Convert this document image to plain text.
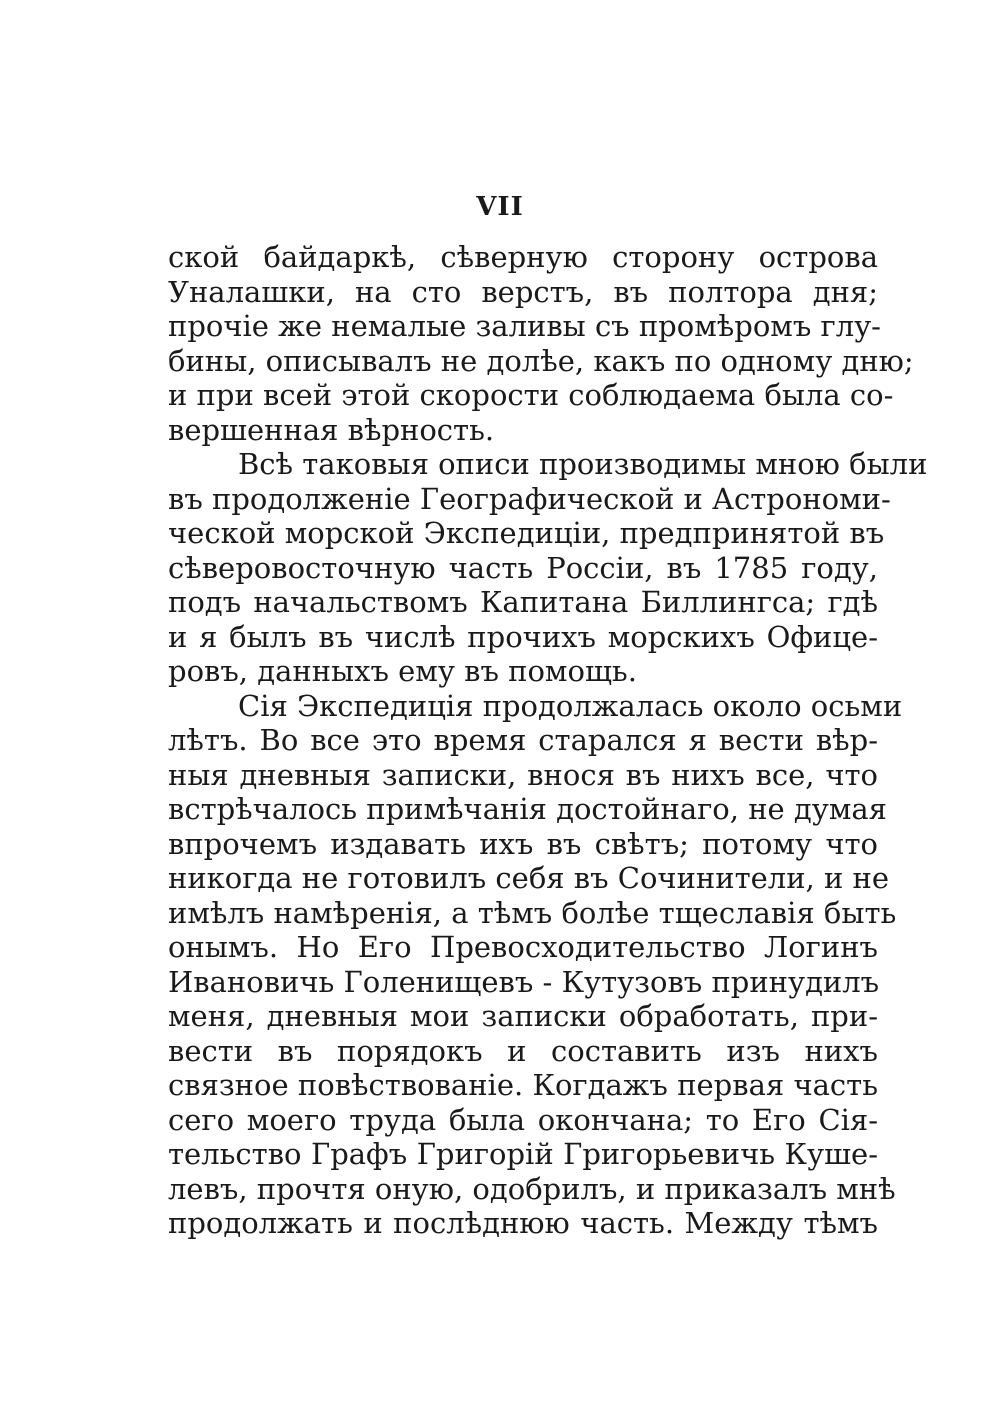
VII
ской байдаркѣ, сѣверную сторону острова
Уналашки, на сто верстъ, въ полтора дня;
прочіе же немалые заливы съ промѣромъ глу-
бины, описывалъ не долѣе, какъ по одному дню;
и при всей этой скорости соблюдаема была со-
вершенная вѣрность.
Всѣ таковыя описи производимы мною были
въ продолженіе Географической и Астрономи-
ческой морской Экспедиціи, предпринятой въ
сѣверовосточную часть Россіи, въ 1785 году,
подъ начальствомъ Капитана Биллингса; гдѣ
и я былъ въ числѣ прочихъ морскихъ Офице-
ровъ, данныхъ ему въ помощь.
Сія Экспедиція продолжалась около осьми
лѣтъ. Во все это время старался я вести вѣр-
ныя дневныя записки, внося въ нихъ все, что
встрѣчалось примѣчанія достойнаго, не думая
впрочемъ издавать ихъ въ свѣтъ; потому что
никогда не готовилъ себя въ Сочинители, и не
имѣлъ намѣренія, а тѣмъ болѣе тщеславія быть
онымъ. Но Его Превосходительство Логинъ
Ивановичь Голенищевъ - Кутузовъ принудилъ
меня, дневныя мои записки обработать, при-
вести въ порядокъ и составить изъ нихъ
связное повѣствованіе. Когдажъ первая часть
сего моего труда была окончана; то Его Сія-
тельство Графъ Григорій Григорьевичь Куше-
левъ, прочтя оную, одобрилъ, и приказалъ мнѣ
продолжать и послѣднюю часть. Между тѣмъ
